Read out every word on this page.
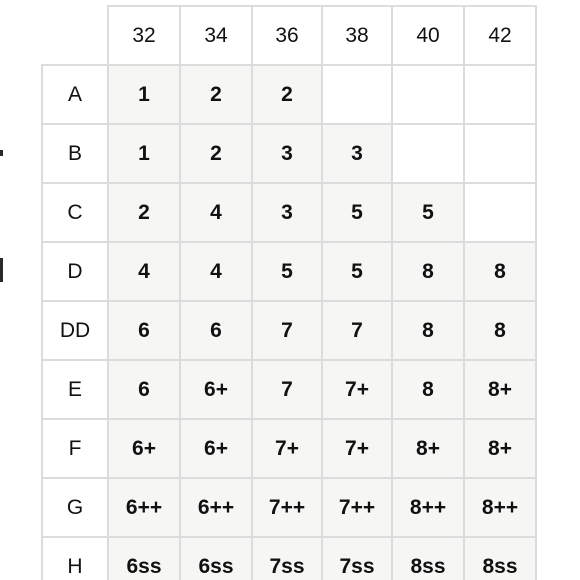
	32	34	36	38	40	42
A	1	2	2			
B	1	2	3	3		
C	2	4	3	5	5	
D	4	4	5	5	8	8
DD	6	6	7	7	8	8
E	6	6+	7	7+	8	8+
F	6+	6+	7+	7+	8+	8+
G	6++	6++	7++	7++	8++	8++
H	6ss	6ss	7ss	7ss	8ss	8ss
